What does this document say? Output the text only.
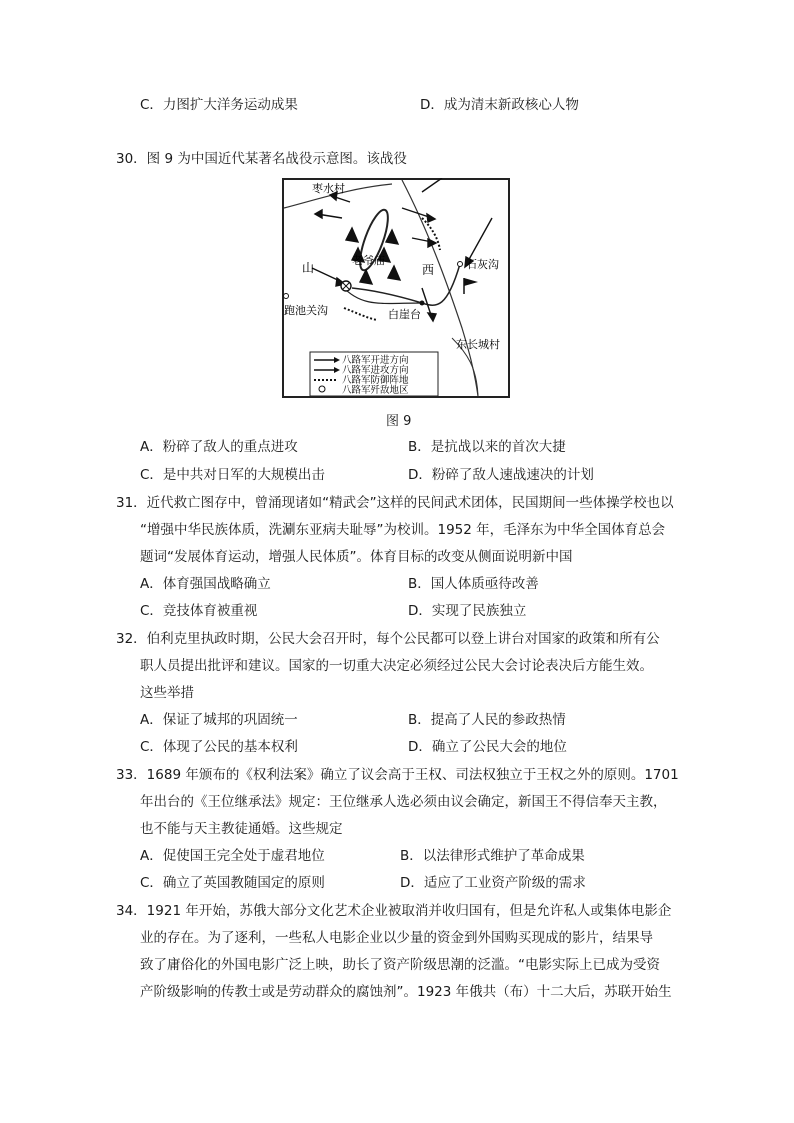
C．力图扩大洋务运动成果	D．成为清末新政核心人物
30．图 9 为中国近代某著名战役示意图。该战役
枣水村
山
老爷庙
西	石灰沟
跑池关沟	白崖台
东长城村
八路军开进方向
八路军进攻方向
八路军防御阵地
八路军歼敌地区
图 9
A．粉碎了敌人的重点进攻	B．是抗战以来的首次大捷
C．是中共对日军的大规模出击	D．粉碎了敌人速战速决的计划
31．近代救亡图存中，曾涌现诸如“精武会”这样的民间武术团体，民国期间一些体操学校也以
“增强中华民族体质，洗涮东亚病夫耻辱”为校训。1952 年，毛泽东为中华全国体育总会
题词“发展体育运动，增强人民体质”。体育目标的改变从侧面说明新中国
A．体育强国战略确立	B．国人体质亟待改善
C．竞技体育被重视	D．实现了民族独立
32．伯利克里执政时期，公民大会召开时，每个公民都可以登上讲台对国家的政策和所有公
职人员提出批评和建议。国家的一切重大决定必须经过公民大会讨论表决后方能生效。
这些举措
A．保证了城邦的巩固统一	B．提高了人民的参政热情
C．体现了公民的基本权利	D．确立了公民大会的地位
33．1689 年颁布的《权利法案》确立了议会高于王权、司法权独立于王权之外的原则。1701
年出台的《王位继承法》规定：王位继承人选必须由议会确定，新国王不得信奉天主教，
也不能与天主教徒通婚。这些规定
A．促使国王完全处于虚君地位	B．以法律形式维护了革命成果
C．确立了英国教随国定的原则	D．适应了工业资产阶级的需求
34．1921 年开始，苏俄大部分文化艺术企业被取消并收归国有，但是允许私人或集体电影企
业的存在。为了逐利，一些私人电影企业以少量的资金到外国购买现成的影片，结果导
致了庸俗化的外国电影广泛上映，助长了资产阶级思潮的泛滥。“电影实际上已成为受资
产阶级影响的传教士或是劳动群众的腐蚀剂”。1923 年俄共（布）十二大后，苏联开始生
